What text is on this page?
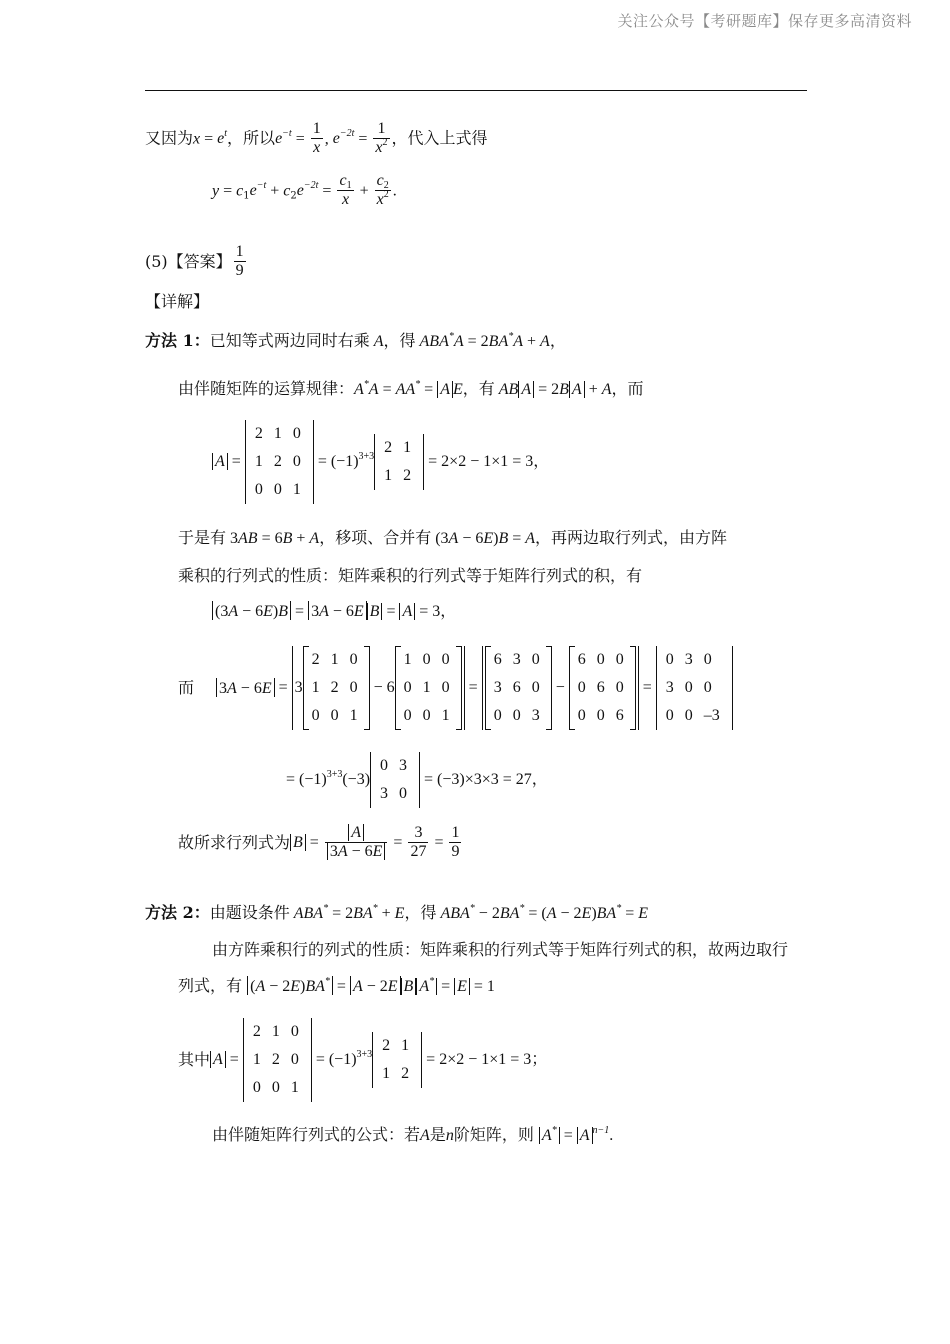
关注公众号【考研题库】保存更多高清资料
又因为$x = e^t$，所以$e^{-t} = \frac{1}{x}$ , $e^{-2t} = \frac{1}{x^2}$ ，代入上式得
$y = c_1e^{-t} + c_2e^{-2t} = \frac{c_1}{x} + \frac{c_2}{x^2}$ .
(5)【答案】 $\frac{1}{9}$
【详解】
方法 1：已知等式两边同时右乘 A，得 ABA*A = 2BA*A + A，
由伴随矩阵的运算规律：A*A = AA* = A E，有 AB A = 2B A + A，而
A =
2	1	0
1	2	0
0	0	1
= $(-1)^{3+3}$
2	1
1	2
= 2×2 − 1×1 = 3，
于是有 3AB = 6B + A，移项、合并有 (3A − 6E)B = A，再两边取行列式，由方阵
乘积的行列式的性质：矩阵乘积的行列式等于矩阵行列式的积，有
(3A − 6E)B = 3A − 6E B = A = 3，
而 3A − 6E = 3
2	1	0
1	2	0
0	0	1
− 6
1	0	0
0	1	0
0	0	1
=
6	3	0
3	6	0
0	0	3
−
6	0	0
0	6	0
0	0	6
=
0	3	0
3	0	0
0	0	–3
= $(-1)^{3+3}(-3)$
0	3
3	0
= (−3)×3×3 = 27，
故所求行列式为 $B = \frac{A}{3A - 6E} = \frac{3}{27} = \frac{1}{9}$
方法 2：由题设条件 ABA* = 2BA* + E，得 ABA* − 2BA* = (A − 2E)BA* = E
由方阵乘积行的列式的性质：矩阵乘积的行列式等于矩阵行列式的积，故两边取行
列式，有 (A − 2E)BA* = A − 2E B A* = E = 1
其中 A =
2	1	0
1	2	0
0	0	1
= $(-1)^{3+3}$
2	1
1	2
= 2×2 − 1×1 = 3；
由伴随矩阵行列式的公式：若A是n阶矩阵，则 A* = A $^{n-1}$.
